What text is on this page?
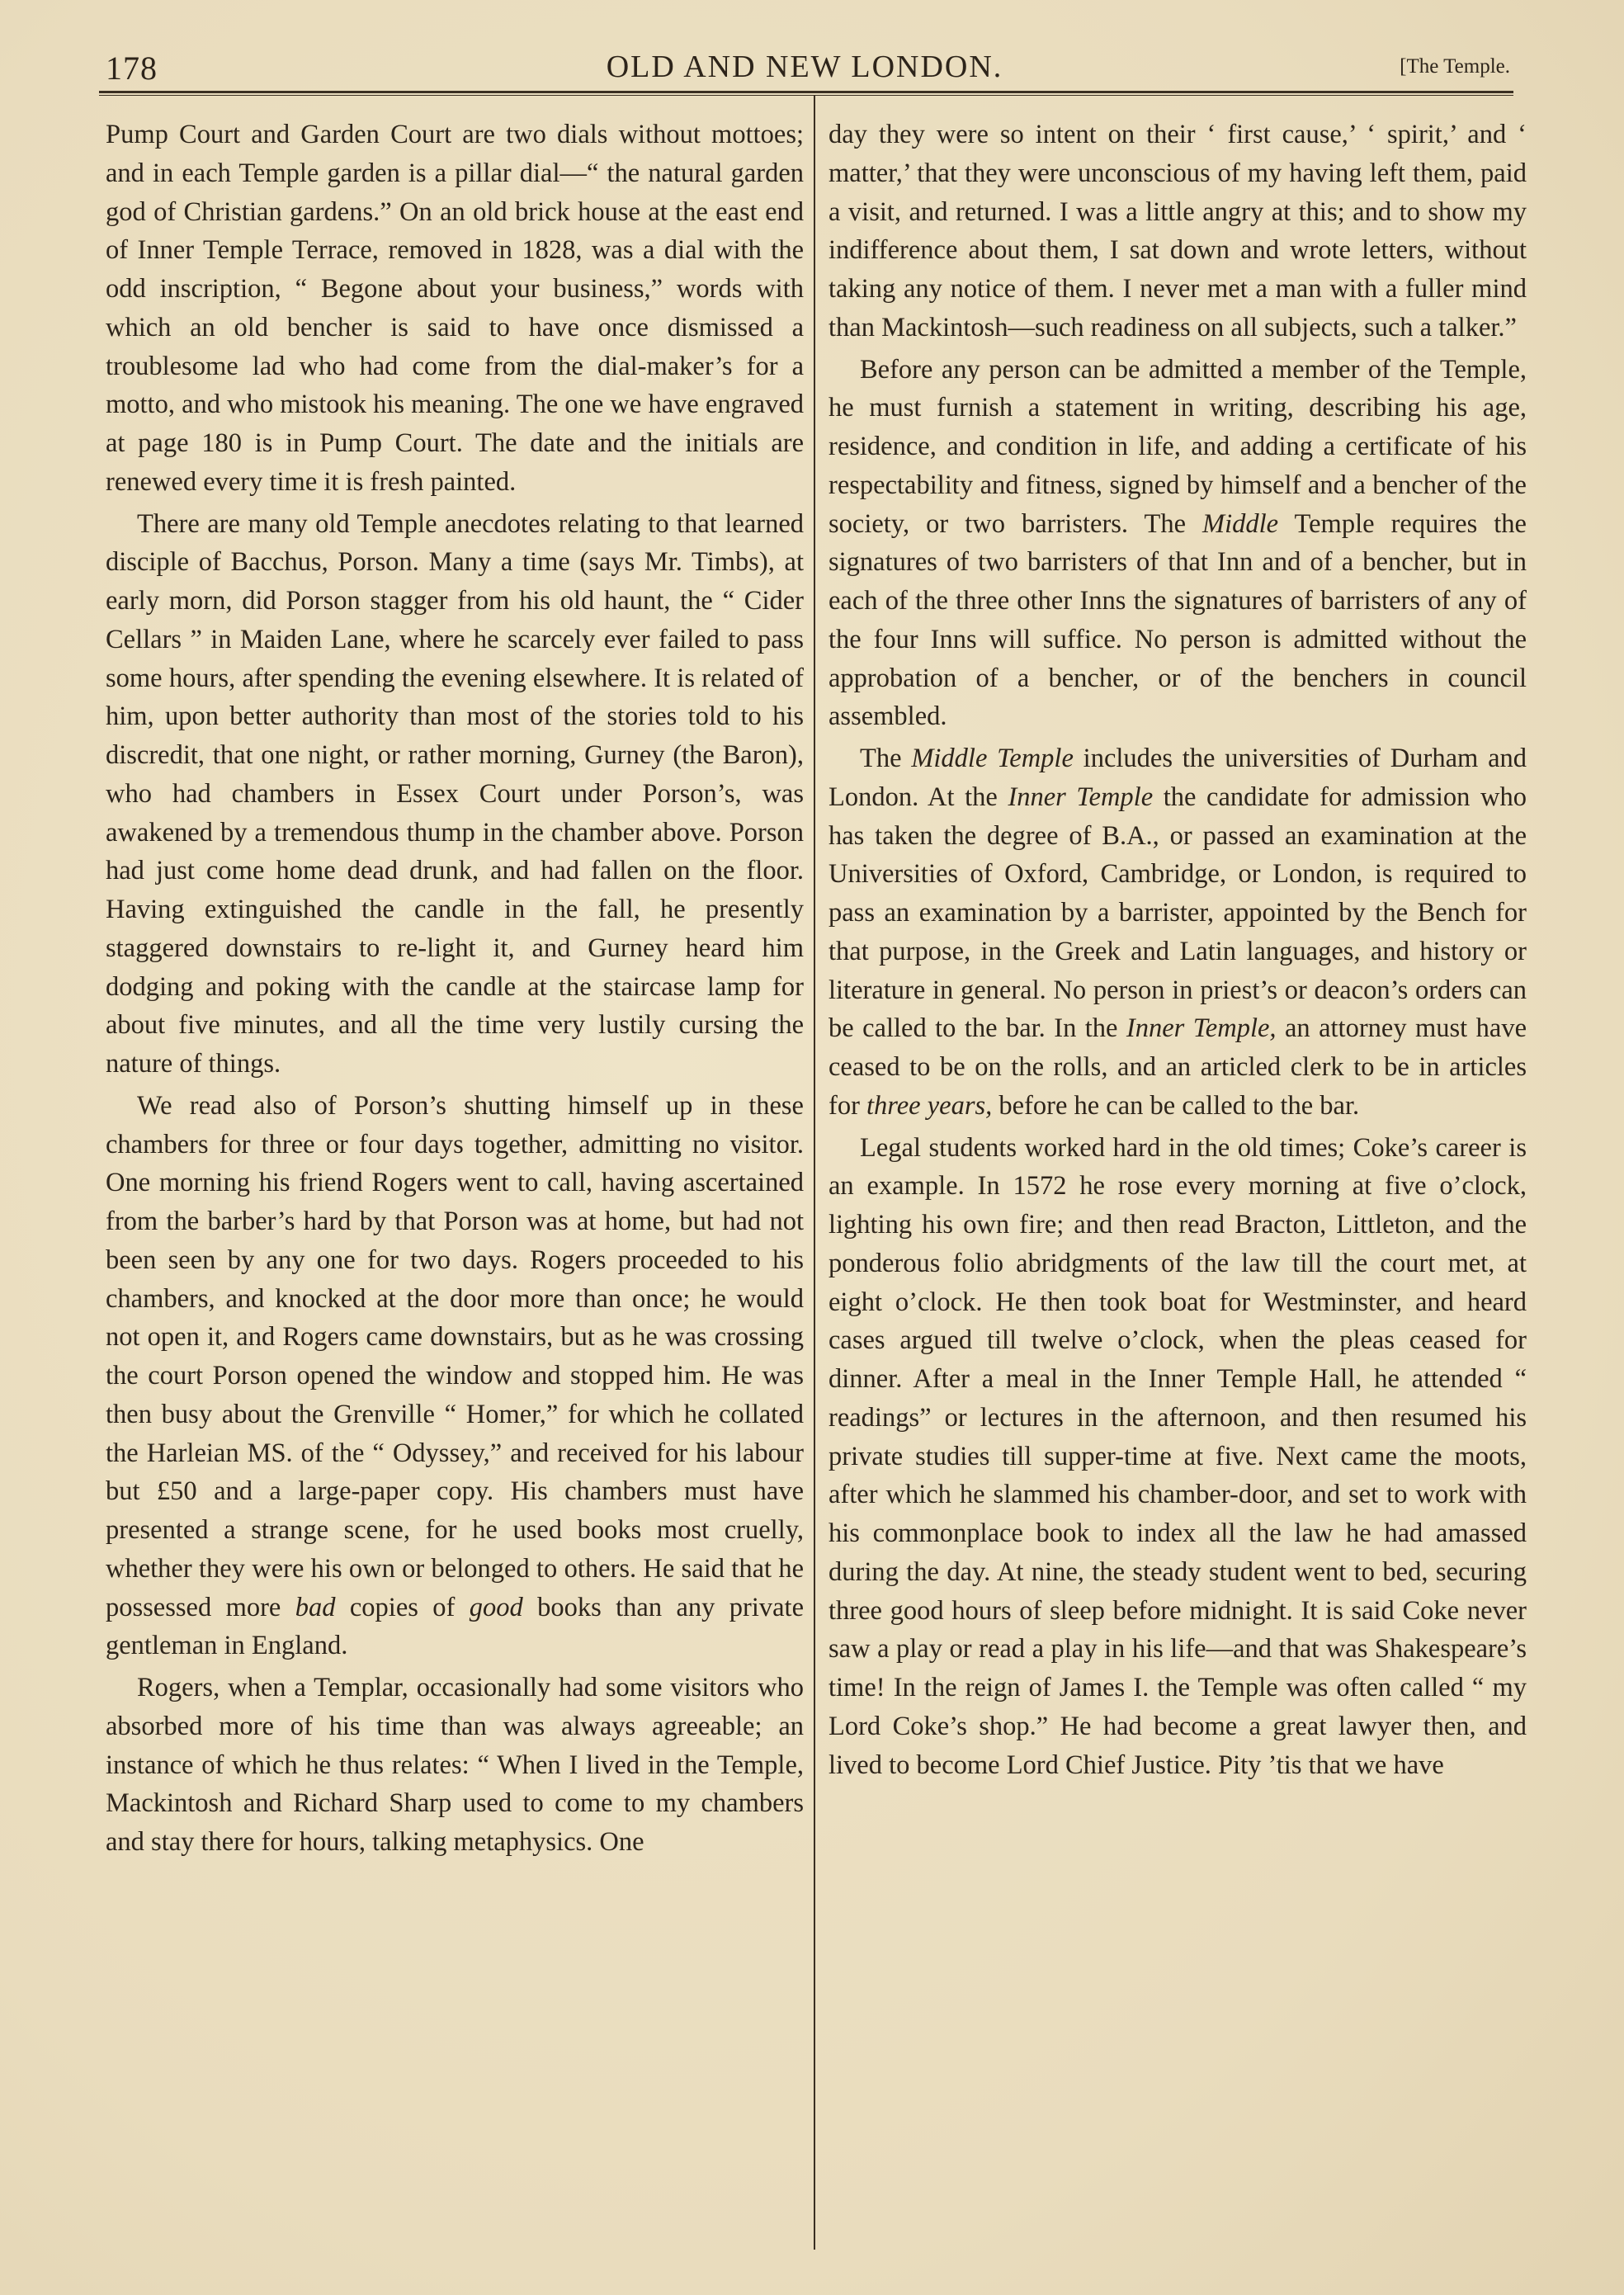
178	OLD AND NEW LONDON.	[The Temple.

Pump Court and Garden Court are two dials without mottoes; and in each Temple garden is a pillar dial—“ the natural garden god of Christian gardens.” On an old brick house at the east end of Inner Temple Terrace, removed in 1828, was a dial with the odd inscription, “ Begone about your business,” words with which an old bencher is said to have once dismissed a troublesome lad who had come from the dial-maker’s for a motto, and who mistook his meaning. The one we have engraved at page 180 is in Pump Court. The date and the initials are renewed every time it is fresh painted.

There are many old Temple anecdotes relating to that learned disciple of Bacchus, Porson. Many a time (says Mr. Timbs), at early morn, did Porson stagger from his old haunt, the “ Cider Cellars ” in Maiden Lane, where he scarcely ever failed to pass some hours, after spending the evening elsewhere. It is related of him, upon better authority than most of the stories told to his discredit, that one night, or rather morning, Gurney (the Baron), who had chambers in Essex Court under Porson’s, was awakened by a tremendous thump in the chamber above. Porson had just come home dead drunk, and had fallen on the floor. Having extinguished the candle in the fall, he presently staggered downstairs to re-light it, and Gurney heard him dodging and poking with the candle at the staircase lamp for about five minutes, and all the time very lustily cursing the nature of things.

We read also of Porson’s shutting himself up in these chambers for three or four days together, admitting no visitor. One morning his friend Rogers went to call, having ascertained from the barber’s hard by that Porson was at home, but had not been seen by any one for two days. Rogers proceeded to his chambers, and knocked at the door more than once; he would not open it, and Rogers came downstairs, but as he was crossing the court Porson opened the window and stopped him. He was then busy about the Grenville “ Homer,” for which he collated the Harleian MS. of the “ Odyssey,” and received for his labour but £50 and a large-paper copy. His chambers must have presented a strange scene, for he used books most cruelly, whether they were his own or belonged to others. He said that he possessed more bad copies of good books than any private gentleman in England.

Rogers, when a Templar, occasionally had some visitors who absorbed more of his time than was always agreeable; an instance of which he thus relates: “ When I lived in the Temple, Mackintosh and Richard Sharp used to come to my chambers and stay there for hours, talking metaphysics. One

day they were so intent on their ‘ first cause,’ ‘ spirit,’ and ‘ matter,’ that they were unconscious of my having left them, paid a visit, and returned. I was a little angry at this; and to show my indifference about them, I sat down and wrote letters, without taking any notice of them. I never met a man with a fuller mind than Mackintosh—such readiness on all subjects, such a talker.”

Before any person can be admitted a member of the Temple, he must furnish a statement in writing, describing his age, residence, and condition in life, and adding a certificate of his respectability and fitness, signed by himself and a bencher of the society, or two barristers. The Middle Temple requires the signatures of two barristers of that Inn and of a bencher, but in each of the three other Inns the signatures of barristers of any of the four Inns will suffice. No person is admitted without the approbation of a bencher, or of the benchers in council assembled.

The Middle Temple includes the universities of Durham and London. At the Inner Temple the candidate for admission who has taken the degree of B.A., or passed an examination at the Universities of Oxford, Cambridge, or London, is required to pass an examination by a barrister, appointed by the Bench for that purpose, in the Greek and Latin languages, and history or literature in general. No person in priest’s or deacon’s orders can be called to the bar. In the Inner Temple, an attorney must have ceased to be on the rolls, and an articled clerk to be in articles for three years, before he can be called to the bar.

Legal students worked hard in the old times; Coke’s career is an example. In 1572 he rose every morning at five o’clock, lighting his own fire; and then read Bracton, Littleton, and the ponderous folio abridgments of the law till the court met, at eight o’clock. He then took boat for Westminster, and heard cases argued till twelve o’clock, when the pleas ceased for dinner. After a meal in the Inner Temple Hall, he attended “ readings” or lectures in the afternoon, and then resumed his private studies till supper-time at five. Next came the moots, after which he slammed his chamber-door, and set to work with his commonplace book to index all the law he had amassed during the day. At nine, the steady student went to bed, securing three good hours of sleep before midnight. It is said Coke never saw a play or read a play in his life—and that was Shakespeare’s time! In the reign of James I. the Temple was often called “ my Lord Coke’s shop.” He had become a great lawyer then, and lived to become Lord Chief Justice. Pity ’tis that we have
